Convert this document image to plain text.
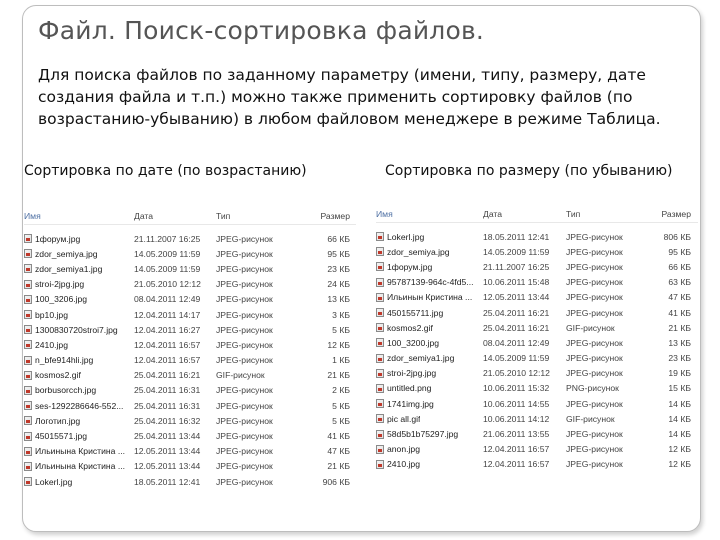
Файл. Поиск-сортировка файлов.
Для поиска файлов по заданному параметру (имени, типу, размеру, дате создания файла и т.п.) можно также применить сортировку файлов (по возрастанию-убыванию) в любом файловом менеджере в режиме Таблица.
Сортировка по дате (по возрастанию)	Сортировка по размеру (по убыванию)
Имя	Дата	Тип	Размер
1форум.jpg	21.11.2007 16:25	JPEG-рисунок	66 КБ
zdor_semiya.jpg	14.05.2009 11:59	JPEG-рисунок	95 КБ
zdor_semiya1.jpg	14.05.2009 11:59	JPEG-рисунок	23 КБ
stroi-2jpg.jpg	21.05.2010 12:12	JPEG-рисунок	24 КБ
100_3206.jpg	08.04.2011 12:49	JPEG-рисунок	13 КБ
bp10.jpg	12.04.2011 14:17	JPEG-рисунок	3 КБ
1300830720stroi7.jpg 12.04.2011 16:27	JPEG-рисунок	5 КБ
2410.jpg	12.04.2011 16:57	JPEG-рисунок	12 КБ
n_bfe914hli.jpg	12.04.2011 16:57	JPEG-рисунок	1 КБ
kosmos2.gif	25.04.2011 16:21	GIF-рисунок	21 КБ
borbusorcch.jpg	25.04.2011 16:31	JPEG-рисунок	2 КБ
ses-1292286646-552... 25.04.2011 16:31	JPEG-рисунок	5 КБ
Логотип.jpg	25.04.2011 16:32	JPEG-рисунок	5 КБ
45015571.jpg	25.04.2011 13:44	JPEG-рисунок	41 КБ
Ильинына Кристина ... 12.05.2011 13:44	JPEG-рисунок	47 КБ
Ильинына Кристина ... 12.05.2011 13:44	JPEG-рисунок	21 КБ
Lokerl.jpg	18.05.2011 12:41	JPEG-рисунок	906 КБ
Имя	Дата	Тип	Размер
Lokerl.jpg	18.05.2011 12:41	JPEG-рисунок	806 КБ
zdor_semiya.jpg	14.05.2009 11:59	JPEG-рисунок	95 КБ
1форум.jpg	21.11.2007 16:25	JPEG-рисунок	66 КБ
95787139-964c-4fd5... 10.06.2011 15:48	JPEG-рисунок	63 КБ
Ильинын Кристина ... 12.05.2011 13:44	JPEG-рисунок	47 КБ
450155711.jpg	25.04.2011 16:21	JPEG-рисунок	41 КБ
kosmos2.gif	25.04.2011 16:21	GIF-рисунок	21 КБ
100_3200.jpg	08.04.2011 12:49	JPEG-рисунок	13 КБ
zdor_semiya1.jpg	14.05.2009 11:59	JPEG-рисунок	23 КБ
stroi-2jpg.jpg	21.05.2010 12:12	JPEG-рисунок	19 КБ
untitled.png	10.06.2011 15:32	PNG-рисунок	15 КБ
1741img.jpg	10.06.2011 14:55	JPEG-рисунок	14 КБ
pic all.gif	10.06.2011 14:12	GIF-рисунок	14 КБ
58d5b1b75297.jpg	21.06.2011 13:55	JPEG-рисунок	14 КБ
anon.jpg	12.04.2011 16:57	JPEG-рисунок	12 КБ
2410.jpg	12.04.2011 16:57	JPEG-рисунок	12 КБ
